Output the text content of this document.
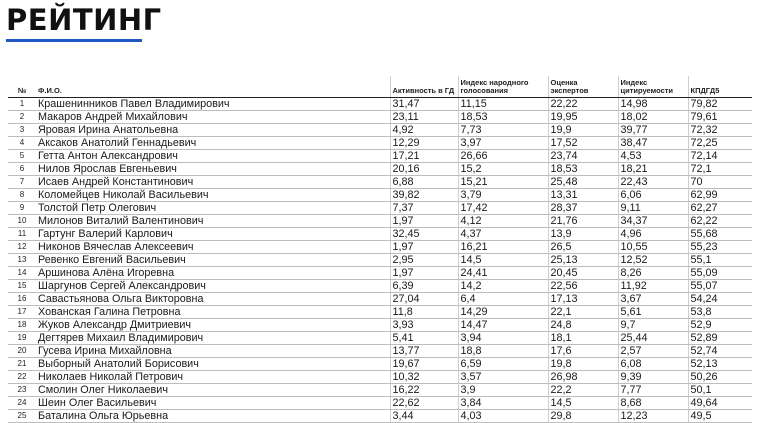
РЕЙТИНГ
№	Ф.И.О.	Активность в ГД	Индекс народного голосования	Оценка экспертов	Индекс цитируемости	КПДГД5
1	Крашенинников Павел Владимирович	31,47	11,15	22,22	14,98	79,82
2	Макаров Андрей Михайлович	23,11	18,53	19,95	18,02	79,61
3	Яровая Ирина Анатольевна	4,92	7,73	19,9	39,77	72,32
4	Аксаков Анатолий Геннадьевич	12,29	3,97	17,52	38,47	72,25
5	Гетта Антон Александрович	17,21	26,66	23,74	4,53	72,14
6	Нилов Ярослав Евгеньевич	20,16	15,2	18,53	18,21	72,1
7	Исаев Андрей Константинович	6,88	15,21	25,48	22,43	70
8	Коломейцев Николай Васильевич	39,82	3,79	13,31	6,06	62,99
9	Толстой Петр Олегович	7,37	17,42	28,37	9,11	62,27
10	Милонов Виталий Валентинович	1,97	4,12	21,76	34,37	62,22
11	Гартунг Валерий Карлович	32,45	4,37	13,9	4,96	55,68
12	Никонов Вячеслав Алексеевич	1,97	16,21	26,5	10,55	55,23
13	Ревенко Евгений Васильевич	2,95	14,5	25,13	12,52	55,1
14	Аршинова Алёна Игоревна	1,97	24,41	20,45	8,26	55,09
15	Шаргунов Сергей Александрович	6,39	14,2	22,56	11,92	55,07
16	Савастьянова Ольга Викторовна	27,04	6,4	17,13	3,67	54,24
17	Хованская Галина Петровна	11,8	14,29	22,1	5,61	53,8
18	Жуков Александр Дмитриевич	3,93	14,47	24,8	9,7	52,9
19	Дегтярев Михаил Владимирович	5,41	3,94	18,1	25,44	52,89
20	Гусева Ирина Михайловна	13,77	18,8	17,6	2,57	52,74
21	Выборный Анатолий Борисович	19,67	6,59	19,8	6,08	52,13
22	Николаев Николай Петрович	10,32	3,57	26,98	9,39	50,26
23	Смолин Олег Николаевич	16,22	3,9	22,2	7,77	50,1
24	Шеин Олег Васильевич	22,62	3,84	14,5	8,68	49,64
25	Баталина Ольга Юрьевна	3,44	4,03	29,8	12,23	49,5
